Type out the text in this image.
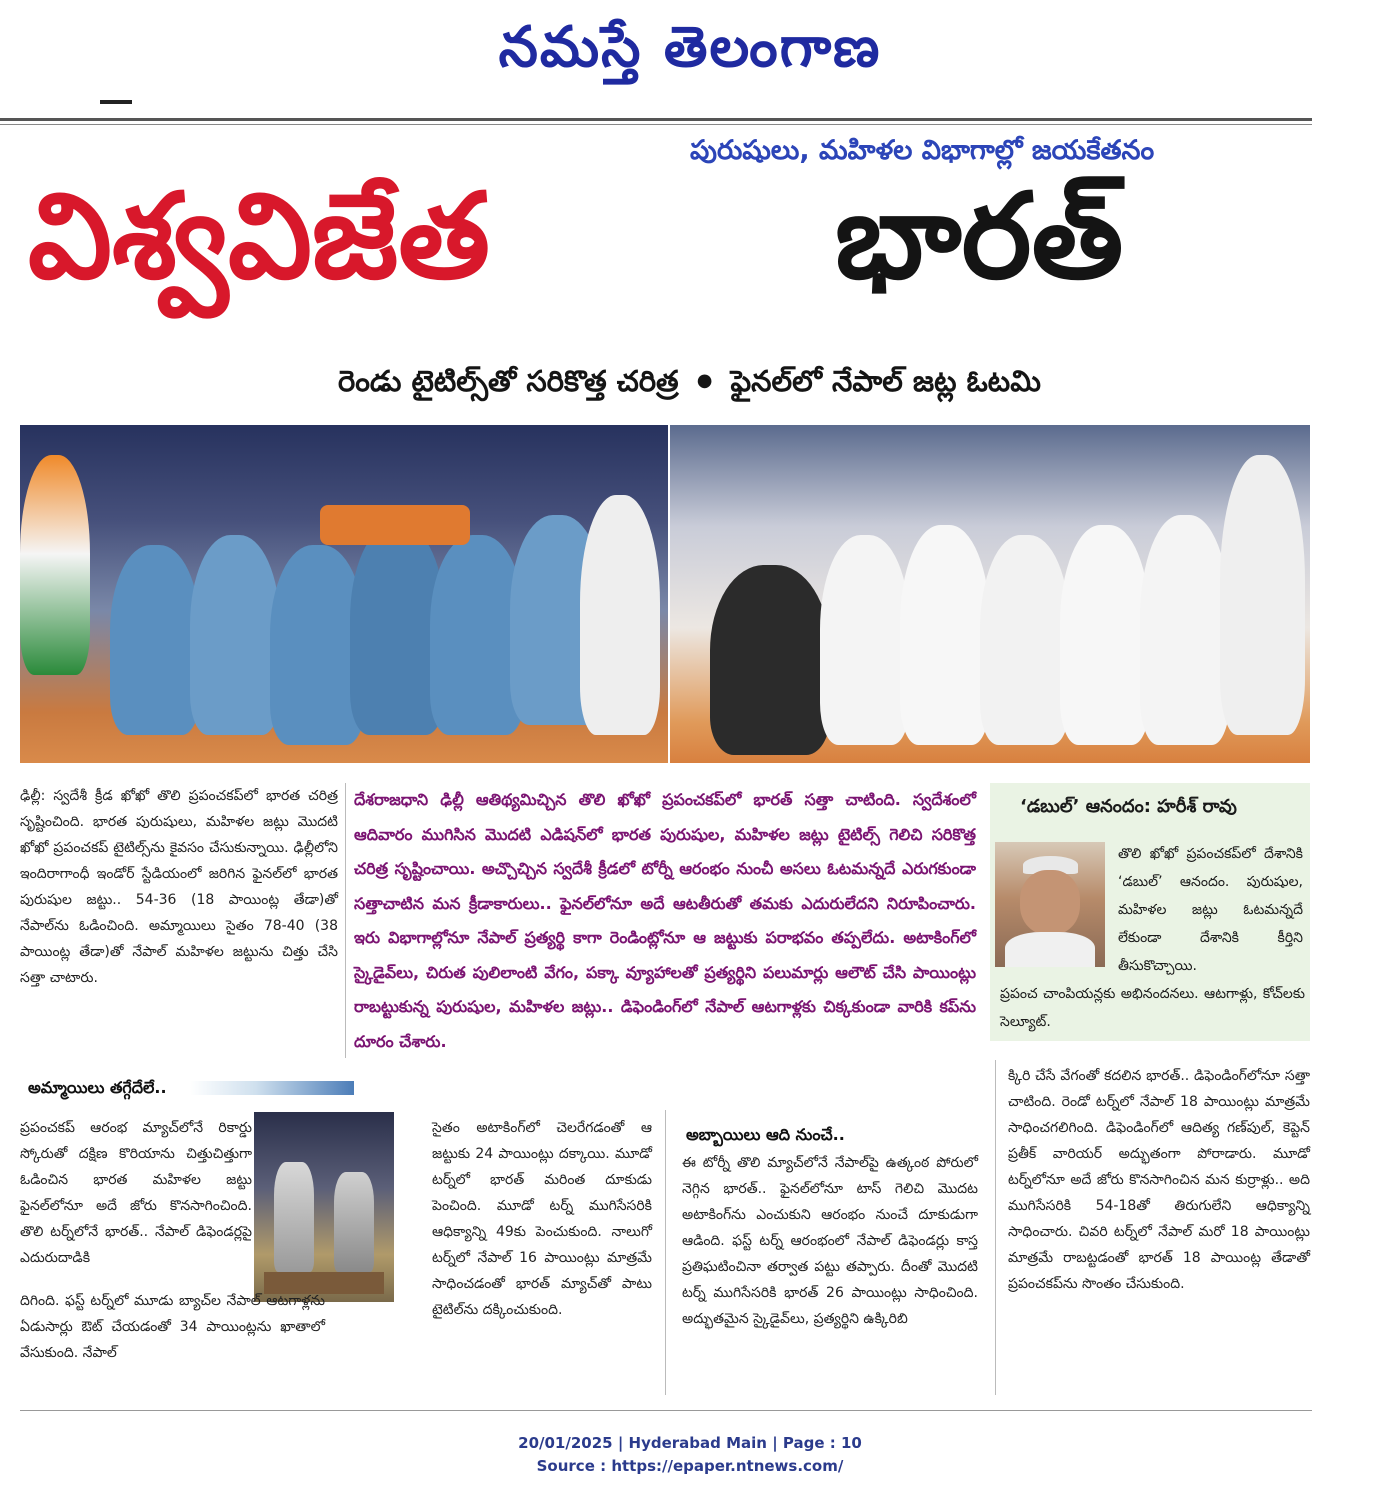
నమస్తే తెలంగాణ
పురుషులు, మహిళల విభాగాల్లో జయకేతనం
విశ్వవిజేత	భారత్
రెండు టైటిల్స్‌తో సరికొత్త చరిత్ర ● ఫైనల్‌లో నేపాల్ జట్ల ఓటమి
ఢిల్లీ: స్వదేశీ క్రీడ ఖోఖో తొలి ప్రపంచకప్‌లో భారత చరిత్ర సృష్టించింది. భారత పురుషులు, మహిళల జట్లు మొదటి ఖోఖో ప్రపంచకప్ టైటిల్స్‌ను కైవసం చేసుకున్నాయి. ఢిల్లీలోని ఇందిరాగాంధీ ఇండోర్ స్టేడియంలో జరిగిన ఫైనల్‌లో భారత పురుషుల జట్టు.. 54-36 (18 పాయింట్ల తేడా)తో నేపాల్‌ను ఓడించింది. అమ్మాయిలు సైతం 78-40 (38 పాయింట్ల తేడా)తో నేపాల్ మహిళల జట్టును చిత్తు చేసి సత్తా చాటారు.
దేశరాజధాని ఢిల్లీ ఆతిథ్యమిచ్చిన తొలి ఖోఖో ప్రపంచకప్‌లో భారత్ సత్తా చాటింది. స్వదేశంలో ఆదివారం ముగిసిన మొదటి ఎడిషన్‌లో భారత పురుషుల, మహిళల జట్లు టైటిల్స్ గెలిచి సరికొత్త చరిత్ర సృష్టించాయి. అచ్చొచ్చిన స్వదేశీ క్రీడలో టోర్నీ ఆరంభం నుంచీ అసలు ఓటమన్నదే ఎరుగకుండా సత్తాచాటిన మన క్రీడాకారులు.. ఫైనల్‌లోనూ అదే ఆటతీరుతో తమకు ఎదురులేదని నిరూపించారు. ఇరు విభాగాల్లోనూ నేపాల్ ప్రత్యర్థి కాగా రెండింట్లోనూ ఆ జట్టుకు పరాభవం తప్పలేదు. అటాకింగ్‌లో స్కైడైవ్‌లు, చిరుత పులిలాంటి వేగం, పక్కా వ్యూహాలతో ప్రత్యర్థిని పలుమార్లు ఆలౌట్ చేసి పాయింట్లు రాబట్టుకున్న పురుషుల, మహిళల జట్లు.. డిఫెండింగ్‌లో నేపాల్ ఆటగాళ్లకు చిక్కకుండా వారికి కప్‌ను దూరం చేశారు.
‘డబుల్’ ఆనందం: హరీశ్ రావు
తొలి ఖోఖో ప్రపంచకప్‌లో దేశానికి ‘డబుల్’ ఆనందం. పురుషుల, మహిళల జట్లు ఓటమన్నదే లేకుండా దేశానికి కీర్తిని తీసుకొచ్చాయి.
ప్రపంచ చాంపియన్లకు అభినందనలు. ఆటగాళ్లు, కోచ్‌లకు సెల్యూట్.
అమ్మాయిలు తగ్గేదేలే..
ప్రపంచకప్ ఆరంభ మ్యాచ్‌లోనే రికార్డు స్కోరుతో దక్షిణ కొరియాను చిత్తుచిత్తుగా ఓడించిన భారత మహిళల జట్టు ఫైనల్‌లోనూ అదే జోరు కొనసాగించింది. తొలి టర్న్‌లోనే భారత్.. నేపాల్ డిఫెండర్లపై ఎదురుదాడికి
దిగింది. ఫస్ట్ టర్న్‌లో మూడు బ్యాచ్‌ల నేపాల్ ఆటగాళ్లను ఏడుసార్లు ఔట్ చేయడంతో 34 పాయింట్లను ఖాతాలో వేసుకుంది. నేపాల్
సైతం అటాకింగ్‌లో చెలరేగడంతో ఆ జట్టుకు 24 పాయింట్లు దక్కాయి. మూడో టర్న్‌లో భారత్ మరింత దూకుడు పెంచింది. మూడో టర్న్ ముగిసేసరికి ఆధిక్యాన్ని 49కు పెంచుకుంది. నాలుగో టర్న్‌లో నేపాల్ 16 పాయింట్లు మాత్రమే సాధించడంతో భారత్ మ్యాచ్‌తో పాటు టైటిల్‌ను దక్కించుకుంది.
అబ్బాయిలు ఆది నుంచే..
ఈ టోర్నీ తొలి మ్యాచ్‌లోనే నేపాల్‌పై ఉత్కంఠ పోరులో నెగ్గిన భారత్.. ఫైనల్‌లోనూ టాస్ గెలిచి మొదట అటాకింగ్‌ను ఎంచుకుని ఆరంభం నుంచే దూకుడుగా ఆడింది. ఫస్ట్ టర్న్ ఆరంభంలో నేపాల్ డిఫెండర్లు కాస్త ప్రతిఘటించినా తర్వాత పట్టు తప్పారు. దీంతో మొదటి టర్న్ ముగిసేసరికి భారత్ 26 పాయింట్లు సాధించింది. అద్భుతమైన స్కైడైవ్‌లు, ప్రత్యర్థిని ఉక్కిరిబి
క్కిరి చేసే వేగంతో కదలిన భారత్.. డిఫెండింగ్‌లోనూ సత్తా చాటింది. రెండో టర్న్‌లో నేపాల్ 18 పాయింట్లు మాత్రమే సాధించగలిగింది. డిఫెండింగ్‌లో ఆదిత్య గణ్‌పుల్, కెప్టెన్ ప్రతీక్ వారియర్ అద్భుతంగా పోరాడారు. మూడో టర్న్‌లోనూ అదే జోరు కొనసాగించిన మన కుర్రాళ్లు.. అది ముగిసేసరికి 54-18తో తిరుగులేని ఆధిక్యాన్ని సాధించారు. చివరి టర్న్‌లో నేపాల్ మరో 18 పాయింట్లు మాత్రమే రాబట్టడంతో భారత్ 18 పాయింట్ల తేడాతో ప్రపంచకప్‌ను సొంతం చేసుకుంది.
20/01/2025 | Hyderabad Main | Page : 10
Source : https://epaper.ntnews.com/
